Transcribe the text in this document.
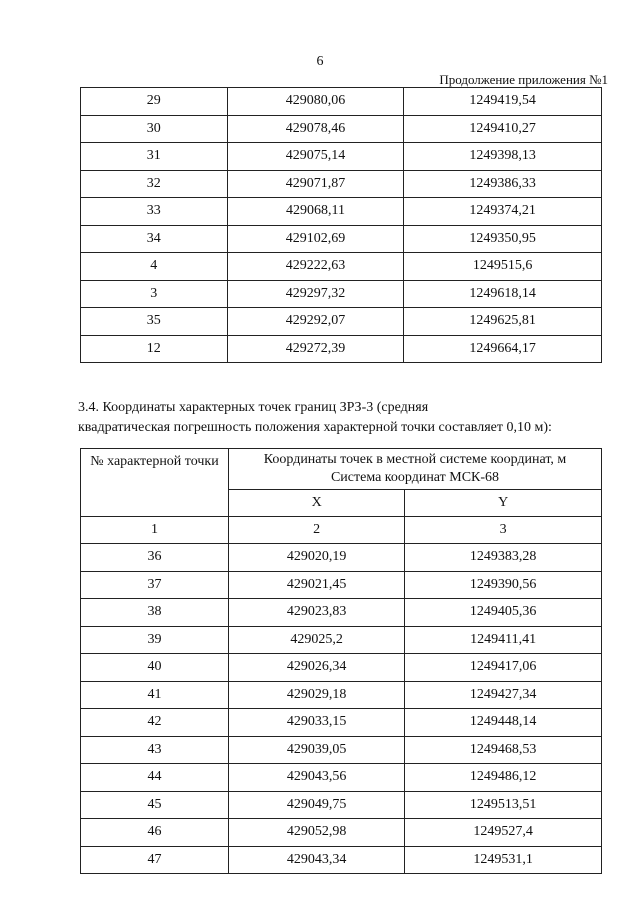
6
Продолжение приложения №1
29	429080,06	1249419,54
30	429078,46	1249410,27
31	429075,14	1249398,13
32	429071,87	1249386,33
33	429068,11	1249374,21
34	429102,69	1249350,95
4	429222,63	1249515,6
3	429297,32	1249618,14
35	429292,07	1249625,81
12	429272,39	1249664,17
3.4. Координаты характерных точек границ ЗРЗ-3 (средняя
квадратическая погрешность положения характерной точки составляет 0,10 м):
№ характерной точки	Координаты точек в местной системе координат, м
Система координат МСК-68	
	X	Y
1	2	3
36	429020,19	1249383,28
37	429021,45	1249390,56
38	429023,83	1249405,36
39	429025,2	1249411,41
40	429026,34	1249417,06
41	429029,18	1249427,34
42	429033,15	1249448,14
43	429039,05	1249468,53
44	429043,56	1249486,12
45	429049,75	1249513,51
46	429052,98	1249527,4
47	429043,34	1249531,1
